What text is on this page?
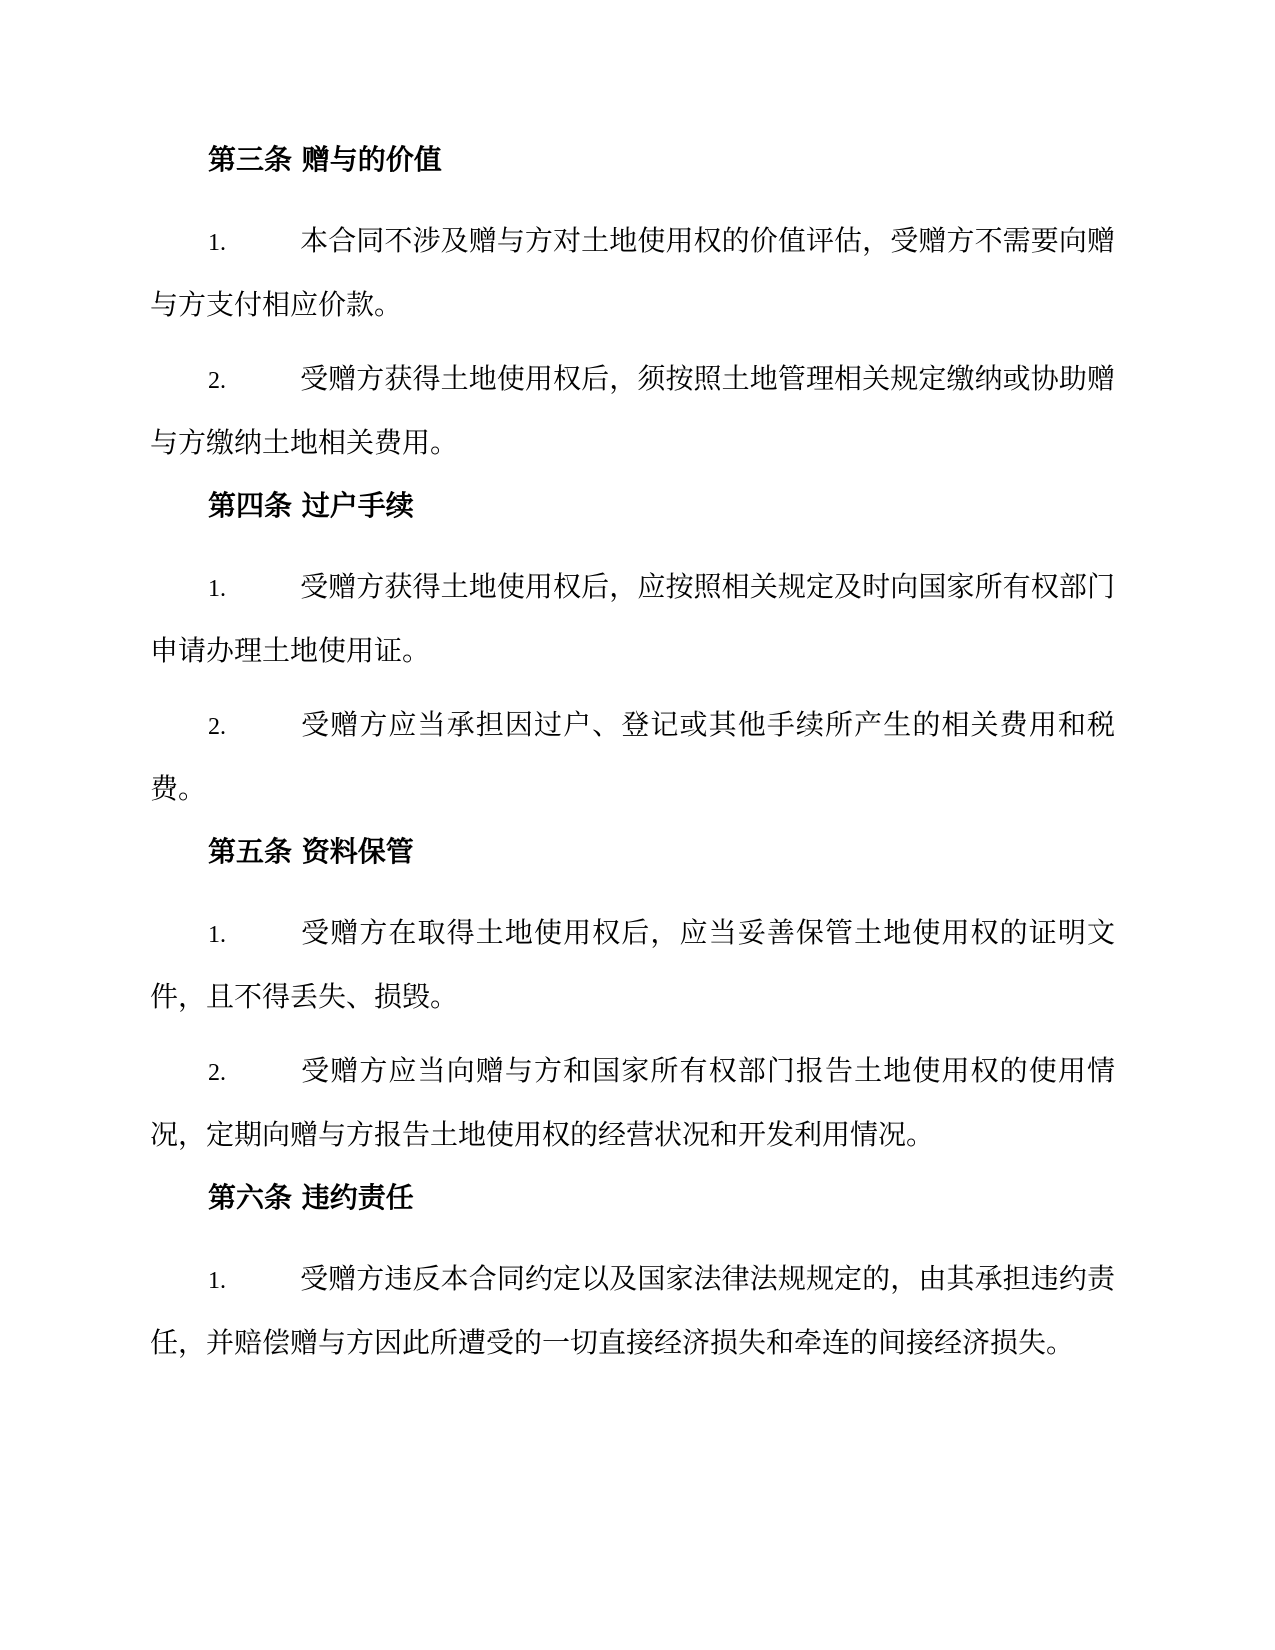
第三条 赠与的价值

1.	本合同不涉及赠与方对土地使用权的价值评估，受赠方不需要向赠与方支付相应价款。

2.	受赠方获得土地使用权后，须按照土地管理相关规定缴纳或协助赠与方缴纳土地相关费用。

第四条 过户手续

1.	受赠方获得土地使用权后，应按照相关规定及时向国家所有权部门申请办理土地使用证。

2.	受赠方应当承担因过户、登记或其他手续所产生的相关费用和税费。

第五条 资料保管

1.	受赠方在取得土地使用权后，应当妥善保管土地使用权的证明文件，且不得丢失、损毁。

2.	受赠方应当向赠与方和国家所有权部门报告土地使用权的使用情况，定期向赠与方报告土地使用权的经营状况和开发利用情况。

第六条 违约责任

1.	受赠方违反本合同约定以及国家法律法规规定的，由其承担违约责任，并赔偿赠与方因此所遭受的一切直接经济损失和牵连的间接经济损失。
